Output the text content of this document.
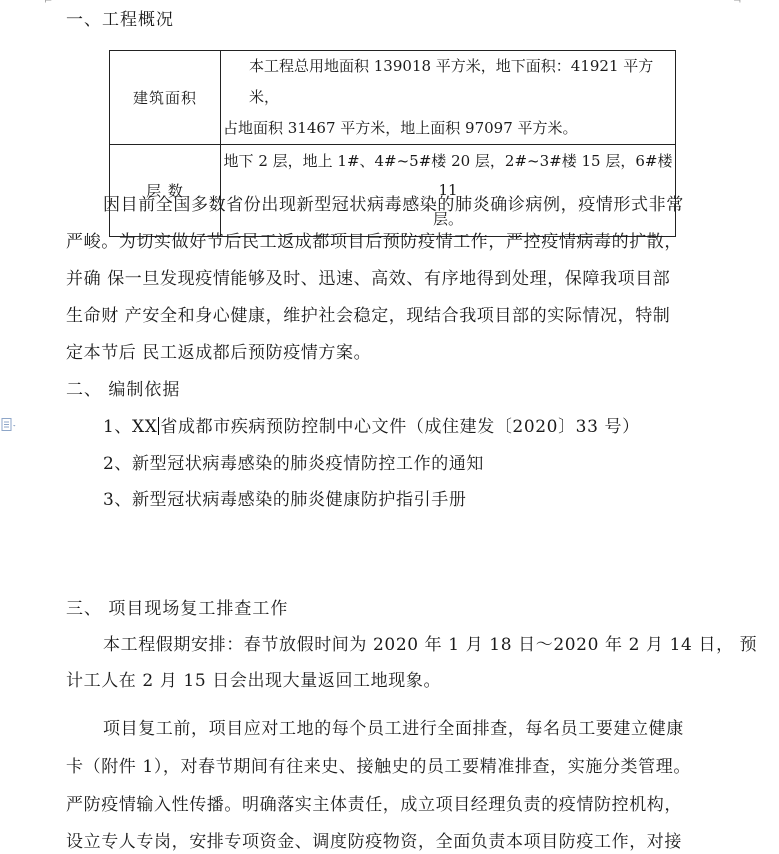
⌐	¬
一、工程概况
建筑面积	本工程总用地面积 139018 平方米，地下面积：41921 平方米，
占地面积 31467 平方米，地上面积 97097 平方米。

层 数	地下 2 层，地上 1#、4#~5#楼 20 层，2#~3#楼 15 层，6#楼 11
层。
因目前全国多数省份出现新型冠状病毒感染的肺炎确诊病例，疫情形式非常
严峻。为切实做好节后民工返成都项目后预防疫情工作，严控疫情病毒的扩散，
并确 保一旦发现疫情能够及时、迅速、高效、有序地得到处理，保障我项目部
生命财 产安全和身心健康，维护社会稳定，现结合我项目部的实际情况，特制
定本节后 民工返成都后预防疫情方案。
二、 编制依据
1、XX 省成都市疾病预防控制中心文件（成住建发〔2020〕33 号）
2、新型冠状病毒感染的肺炎疫情防控工作的通知
3、新型冠状病毒感染的肺炎健康防护指引手册
三、 项目现场复工排查工作
本工程假期安排：春节放假时间为 2020 年 1 月 18 日～2020 年 2 月 14 日， 预
计工人在 2 月 15 日会出现大量返回工地现象。
项目复工前，项目应对工地的每个员工进行全面排查，每名员工要建立健康
卡（附件 1），对春节期间有往来史、接触史的员工要精准排查，实施分类管理。
严防疫情输入性传播。明确落实主体责任，成立项目经理负责的疫情防控机构，
设立专人专岗，安排专项资金、调度防疫物资，全面负责本项目防疫工作，对接
